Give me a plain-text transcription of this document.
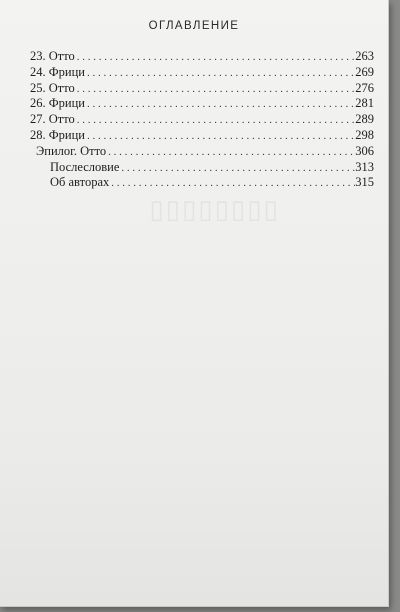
▯▯▯▯▯▯▯▯
ОГЛАВЛЕНИЕ
23. Отто . . .	263
24. Фрици . . .	269
25. Отто . . .	276
26. Фрици . . .	281
27. Отто . . .	289
28. Фрици . . .	298
Эпилог. Отто . . .	306
Послесловие . . .	313
Об авторах . . .	315
